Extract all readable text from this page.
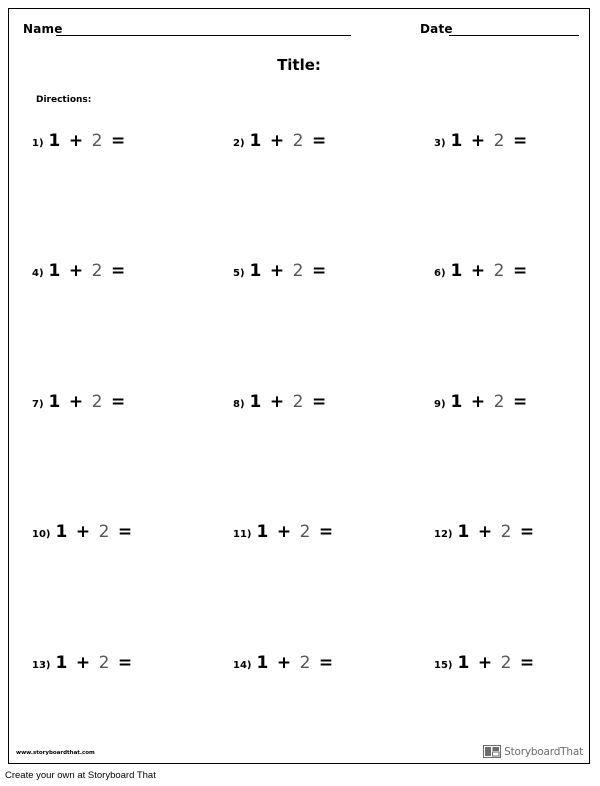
Name	Date
Title:
Directions:
1) 1 + 2 =	2) 1 + 2 =	3) 1 + 2 =
4) 1 + 2 =	5) 1 + 2 =	6) 1 + 2 =
7) 1 + 2 =	8) 1 + 2 =	9) 1 + 2 =
10) 1 + 2 =	11) 1 + 2 =	12) 1 + 2 =
13) 1 + 2 =	14) 1 + 2 =	15) 1 + 2 =
www.storyboardthat.com	StoryboardThat
Create your own at Storyboard That
